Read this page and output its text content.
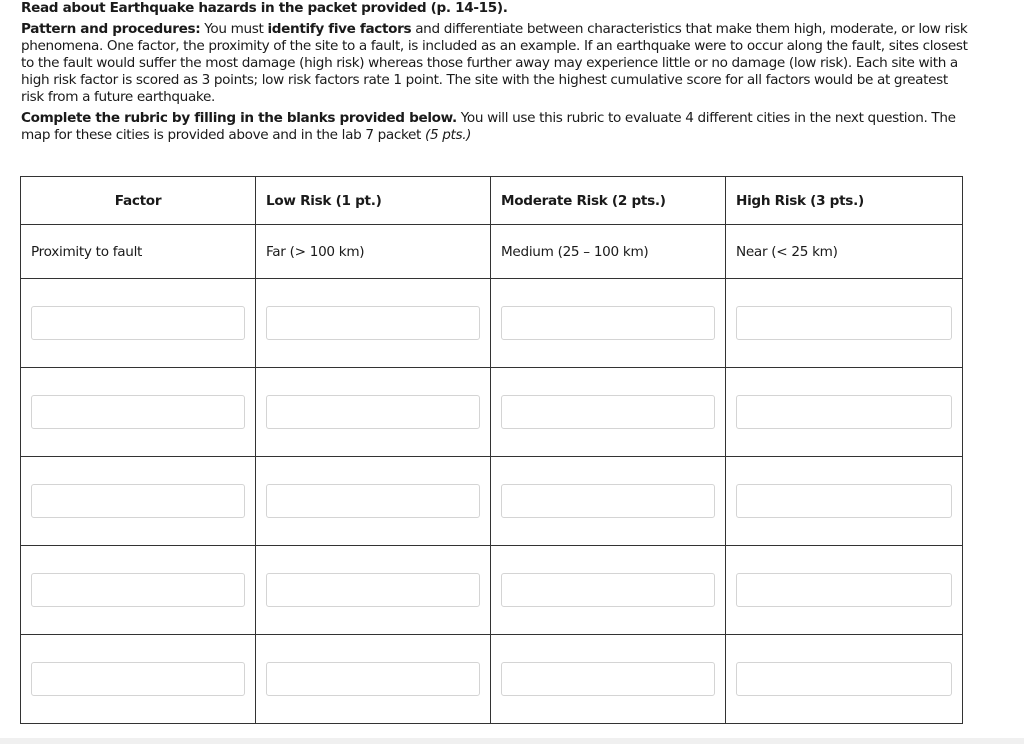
Read about Earthquake hazards in the packet provided (p. 14-15).

Pattern and procedures: You must identify five factors and differentiate between characteristics that make them high, moderate, or low risk phenomena. One factor, the proximity of the site to a fault, is included as an example. If an earthquake were to occur along the fault, sites closest to the fault would suffer the most damage (high risk) whereas those further away may experience little or no damage (low risk). Each site with a high risk factor is scored as 3 points; low risk factors rate 1 point. The site with the highest cumulative score for all factors would be at greatest risk from a future earthquake.

Complete the rubric by filling in the blanks provided below. You will use this rubric to evaluate 4 different cities in the next question. The map for these cities is provided above and in the lab 7 packet (5 pts.)

Factor	Low Risk (1 pt.)	Moderate Risk (2 pts.)	High Risk (3 pts.)
Proximity to fault	Far (> 100 km)	Medium (25 – 100 km)	Near (< 25 km)
